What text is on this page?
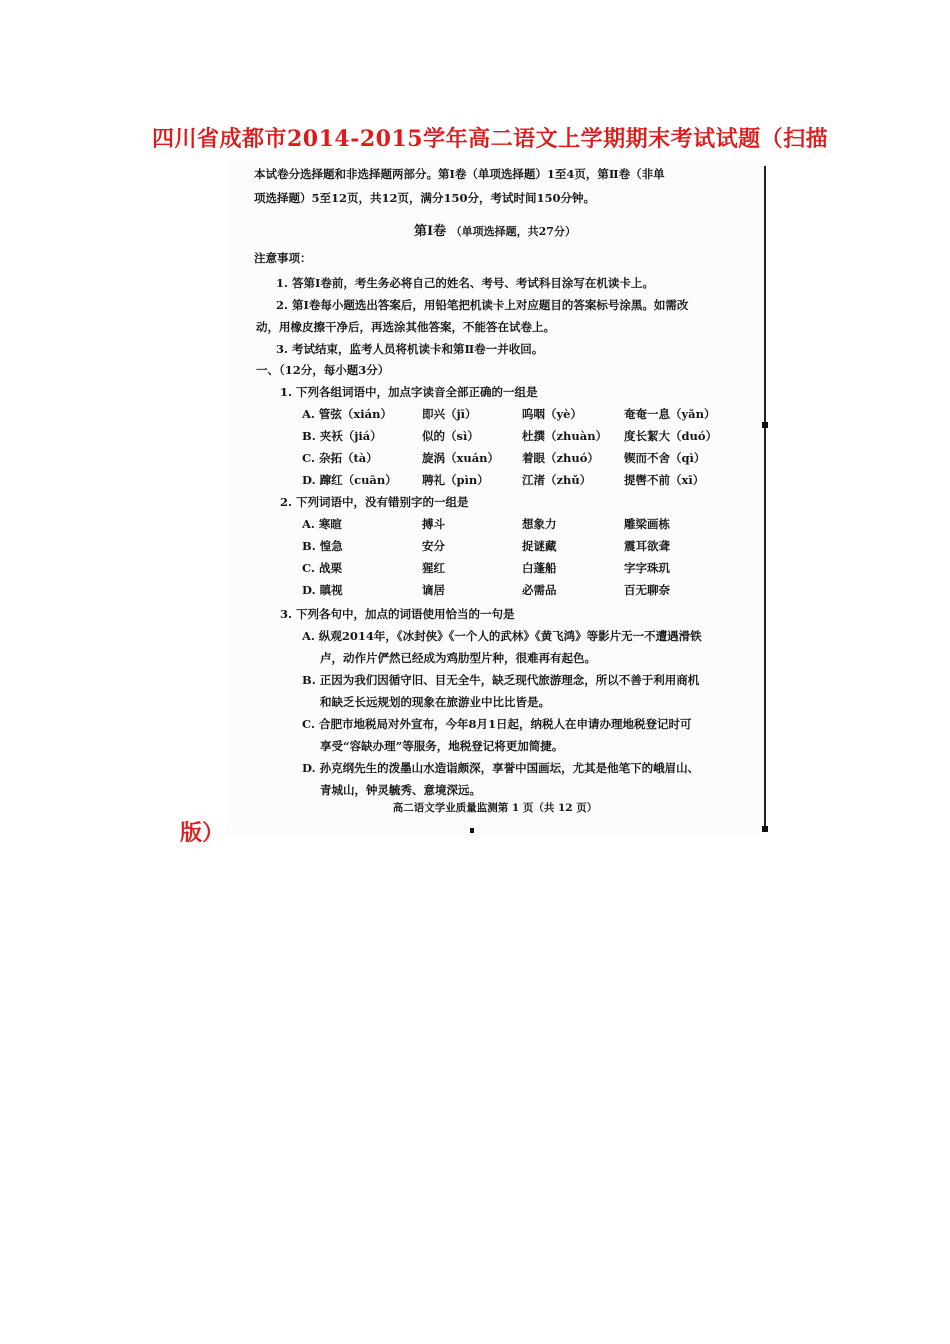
四川省成都市2014-2015学年高二语文上学期期末考试试题（扫描
本试卷分选择题和非选择题两部分。第Ⅰ卷（单项选择题）1至4页，第Ⅱ卷（非单
项选择题）5至12页，共12页，满分150分，考试时间150分钟。
第Ⅰ卷 （单项选择题，共27分）
注意事项：
1. 答第Ⅰ卷前，考生务必将自己的姓名、考号、考试科目涂写在机读卡上。
2. 第Ⅰ卷每小题选出答案后，用铅笔把机读卡上对应题目的答案标号涂黑。如需改
动，用橡皮擦干净后，再选涂其他答案，不能答在试卷上。
3. 考试结束，监考人员将机读卡和第Ⅱ卷一并收回。
一、（12分，每小题3分）
1. 下列各组词语中，加点字读音全部正确的一组是
A. 管弦（xián）	即兴（jī）	呜咽（yè）	奄奄一息（yǎn）
B. 夹袄（jiá）	似的（sì）	杜撰（zhuàn） 度长絜大（duó）
C. 杂拓（tà）	旋涡（xuán） 着眼（zhuó） 锲而不舍（qì）
D. 蹿红（cuān） 聘礼（pìn）	江渚（zhǔ）	提辔不前（xī）
2. 下列词语中，没有错别字的一组是
A. 寒暄	搏斗	想象力	雕梁画栋
B. 惶急	安分	捉谜藏	震耳欲聋
C. 战栗	猩红	白蓬船	字字珠玑
D. 瞋视	谪居	必需品	百无聊奈
3. 下列各句中，加点的词语使用恰当的一句是
A. 纵观2014年，《冰封侠》《一个人的武林》《黄飞鸿》等影片无一不遭遇滑铁
卢，动作片俨然已经成为鸡肋型片种，很难再有起色。
B. 正因为我们因循守旧、目无全牛，缺乏现代旅游理念，所以不善于利用商机
和缺乏长远规划的现象在旅游业中比比皆是。
C. 合肥市地税局对外宣布，今年8月1日起，纳税人在申请办理地税登记时可
享受“容缺办理”等服务，地税登记将更加简捷。
D. 孙克纲先生的泼墨山水造诣颇深，享誉中国画坛，尤其是他笔下的峨眉山、
青城山，钟灵毓秀、意境深远。
高二语文学业质量监测第 1 页（共 12 页）
版）
